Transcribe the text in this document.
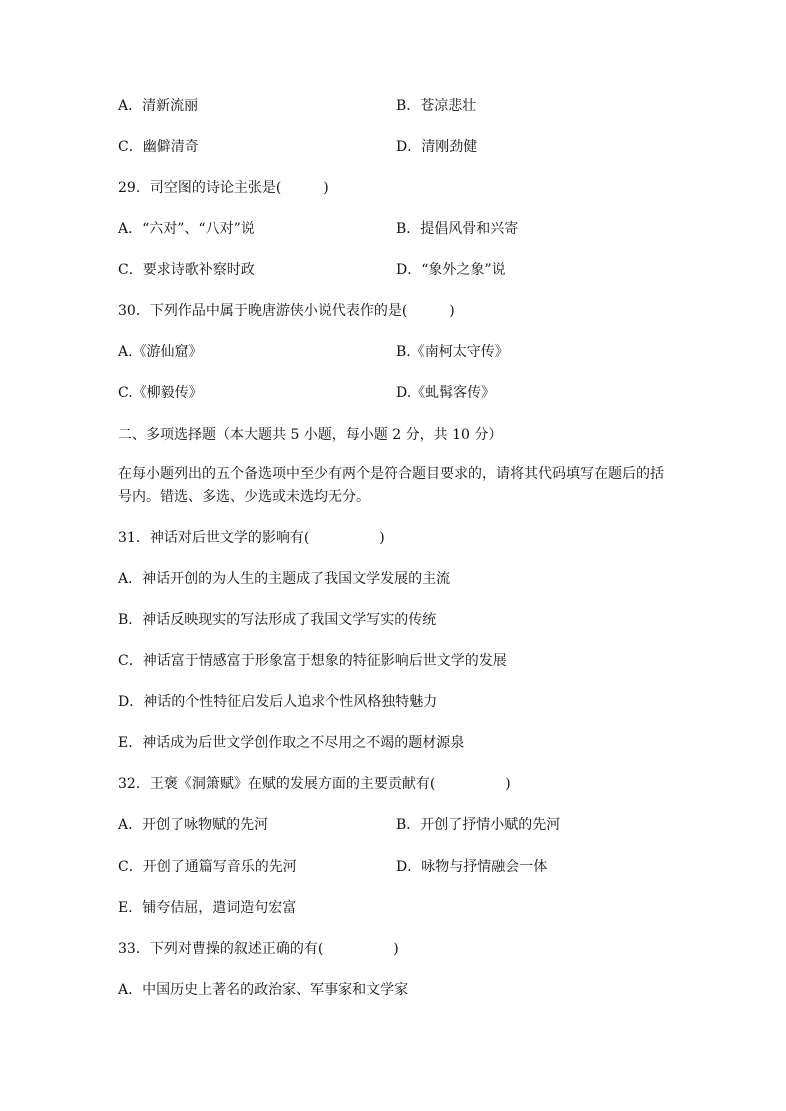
A．清新流丽	B．苍凉悲壮
C．幽僻清奇	D．清刚劲健
29．司空图的诗论主张是(　　　)
A．“六对”、“八对”说	B．提倡风骨和兴寄
C．要求诗歌补察时政	D．“象外之象”说
30．下列作品中属于晚唐游侠小说代表作的是(　　　)
A.《游仙窟》	B.《南柯太守传》
C.《柳毅传》	D.《虬髯客传》
二、多项选择题（本大题共 5 小题，每小题 2 分，共 10 分）
在每小题列出的五个备选项中至少有两个是符合题目要求的，请将其代码填写在题后的括号内。错选、多选、少选或未选均无分。
31．神话对后世文学的影响有(　　　　　)
A．神话开创的为人生的主题成了我国文学发展的主流
B．神话反映现实的写法形成了我国文学写实的传统
C．神话富于情感富于形象富于想象的特征影响后世文学的发展
D．神话的个性特征启发后人追求个性风格独特魅力
E．神话成为后世文学创作取之不尽用之不竭的题材源泉
32．王褒《洞箫赋》在赋的发展方面的主要贡献有(　　　　　)
A．开创了咏物赋的先河	B．开创了抒情小赋的先河
C．开创了通篇写音乐的先河	D．咏物与抒情融会一体
E．铺夸佶屈，遣词造句宏富
33．下列对曹操的叙述正确的有(　　　　　)
A．中国历史上著名的政治家、军事家和文学家
